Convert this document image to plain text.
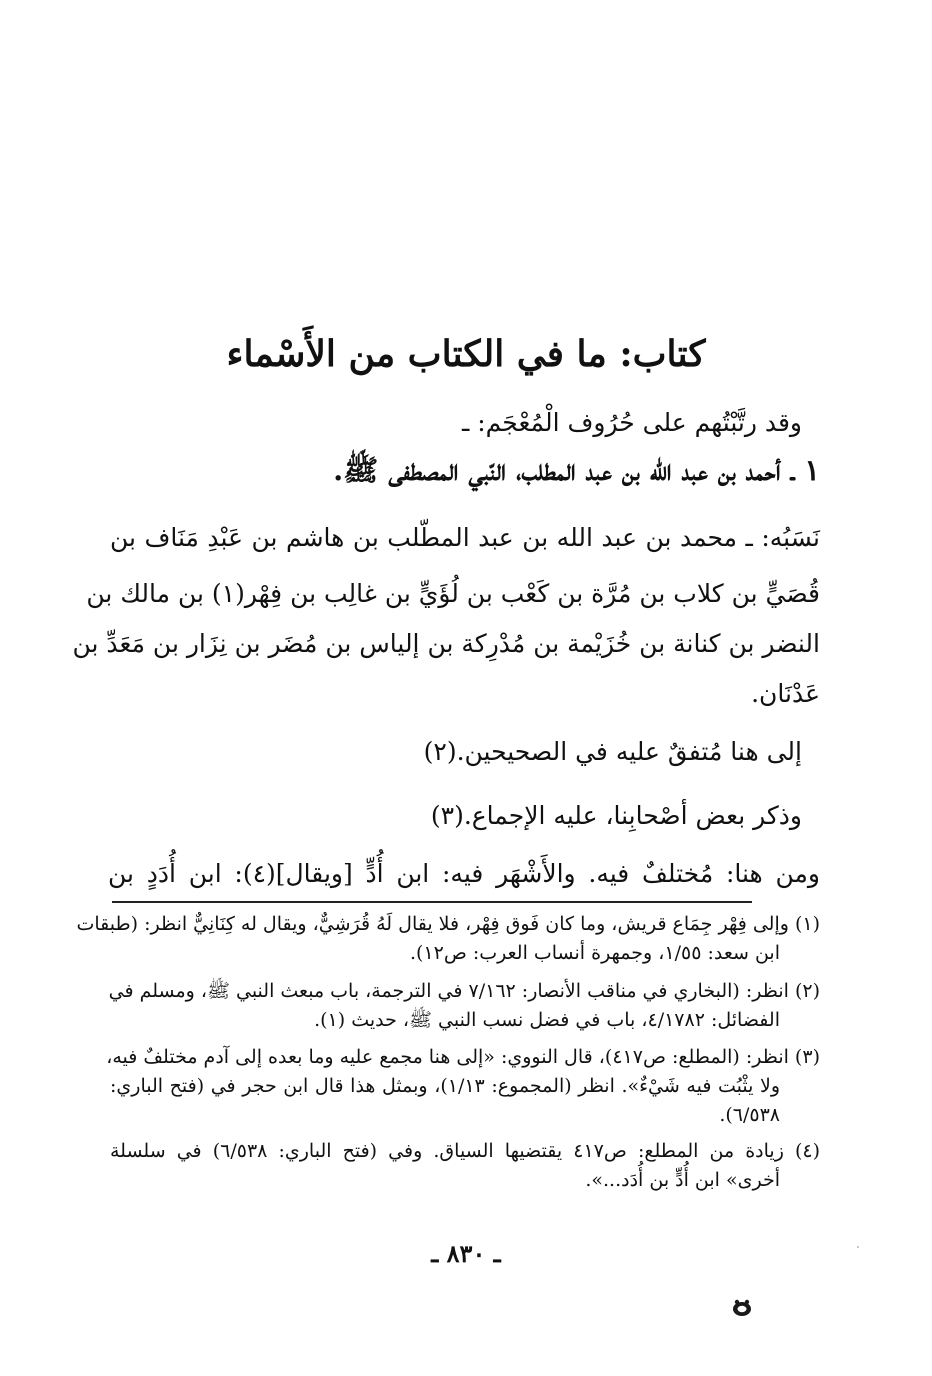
كتاب: ما في الكتاب من الأَسْماء
وقد رتَّبْتُهم على حُرُوف الْمُعْجَم: ـ
١ ـ أحمد بن عبد اللّه بن عبد المطلب، النّبي المصطفى ﷺ.
نَسَبُه: ـ محمد بن عبد الله بن عبد المطّلب بن هاشم بن عَبْدِ مَنَاف بن
قُصَيٍّ بن كلاب بن مُرَّة بن كَعْب بن لُؤَيٍّ بن غالِب بن فِهْر(١) بن مالك بن
النضر بن كنانة بن خُزَيْمة بن مُدْرِكة بن إلياس بن مُضَر بن نِزَار بن مَعَدِّ بن
عَدْنَان.
إلى هنا مُتفقٌ عليه في الصحيحين.(٢)
وذكر بعض أصْحابِنا، عليه الإجماع.(٣)
ومن هنا: مُختلفٌ فيه. والأَشْهَر فيه: ابن أُدٍّ [ويقال](٤): ابن أُدَدٍ بن
(١) وإلى فِهْر جِمَاع قريش، وما كان فَوق فِهْر، فلا يقال لَهُ قُرَشِيٌّ، ويقال له كِنَانِيٌّ انظر: (طبقات
ابن سعد: ١/٥٥، وجمهرة أنساب العرب: ص١٢).
(٢) انظر: (البخاري في مناقب الأنصار: ٧/١٦٢ في الترجمة، باب مبعث النبي ﷺ، ومسلم في
الفضائل: ٤/١٧٨٢، باب في فضل نسب النبي ﷺ، حديث (١).
(٣) انظر: (المطلع: ص٤١٧)، قال النووي: «إلى هنا مجمع عليه وما بعده إلى آدم مختلفٌ فيه،
ولا يثْبُت فيه شَيْءٌ». انظر (المجموع: ١/١٣)، وبمثل هذا قال ابن حجر في (فتح الباري:
٦/٥٣٨).
(٤) زيادة من المطلع: ص٤١٧ يقتضيها السياق. وفي (فتح الباري: ٦/٥٣٨) في سلسلة
أخرى» ابن أُدٍّ بن أُدَد...».
ـ ٨٣٠ ـ
